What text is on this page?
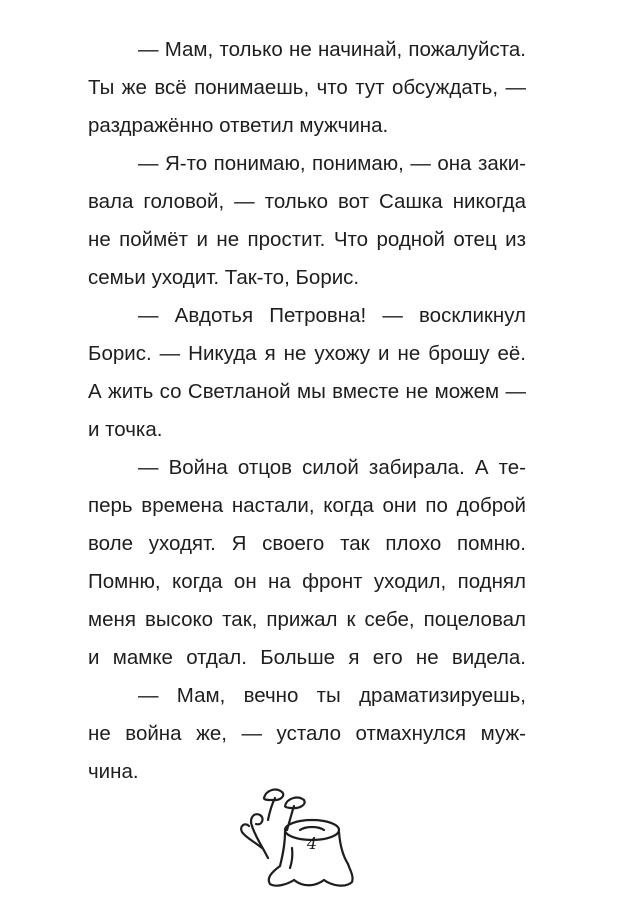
— Мам, только не начинай, пожалуйста.
Ты же всё понимаешь, что тут обсуждать, —
раздражённо ответил мужчина.
— Я-то понимаю, понимаю, — она заки-
вала головой, — только вот Сашка никогда
не поймёт и не простит. Что родной отец из
семьи уходит. Так-то, Борис.
— Авдотья Петровна! — воскликнул
Борис. — Никуда я не ухожу и не брошу её.
А жить со Светланой мы вместе не можем —
и точка.
— Война отцов силой забирала. А те-
перь времена настали, когда они по доброй
воле уходят. Я своего так плохо помню.
Помню, когда он на фронт уходил, поднял
меня высоко так, прижал к себе, поцеловал
и мамке отдал. Больше я его не видела.
— Мам, вечно ты драматизируешь,
не война же, — устало отмахнулся муж-
чина.
4
